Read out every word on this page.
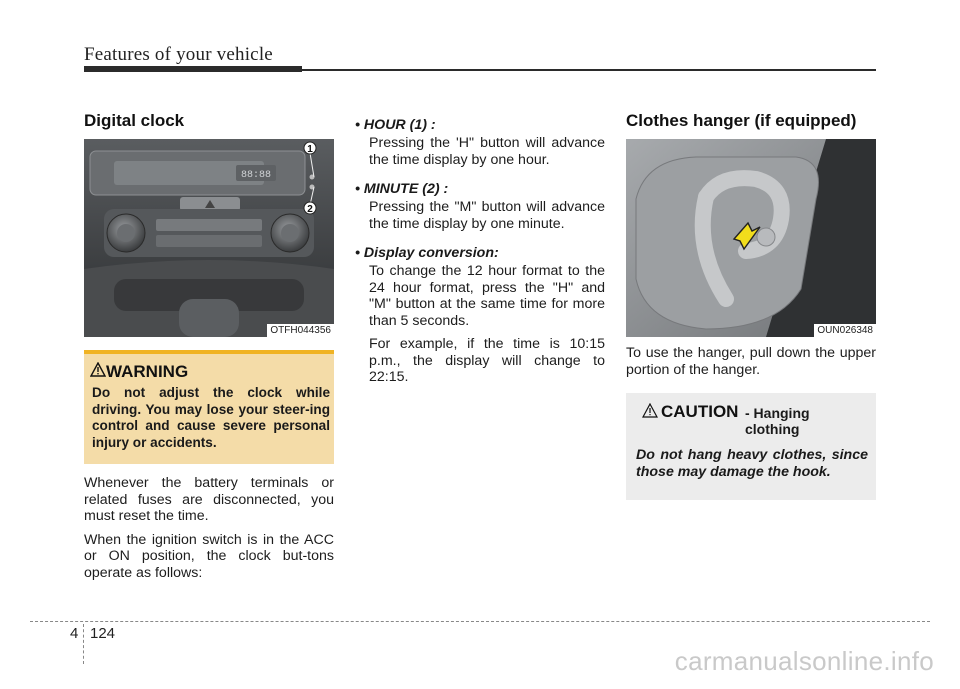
Features of your vehicle
Digital clock
88:88
1
2
OTFH044356
WARNING
Do not adjust the clock while driving. You may lose your steer-ing control and cause severe personal injury or accidents.

Whenever the battery terminals or related fuses are disconnected, you must reset the time.

When the ignition switch is in the ACC or ON position, the clock but-tons operate as follows:

• HOUR (1) :
Pressing the 'H" button will advance the time display by one hour.
• MINUTE (2) :
Pressing the "M" button will advance the time display by one minute.
• Display conversion:
To change the 12 hour format to the 24 hour format, press the "H" and "M" button at the same time for more than 5 seconds.
For example, if the time is 10:15 p.m., the display will change to 22:15.
Clothes hanger (if equipped)
OUN026348

To use the hanger, pull down the upper portion of the hanger.

CAUTION - Hanging clothing
Do not hang heavy clothes, since those may damage the hook.
4 124
carmanualsonline.info
